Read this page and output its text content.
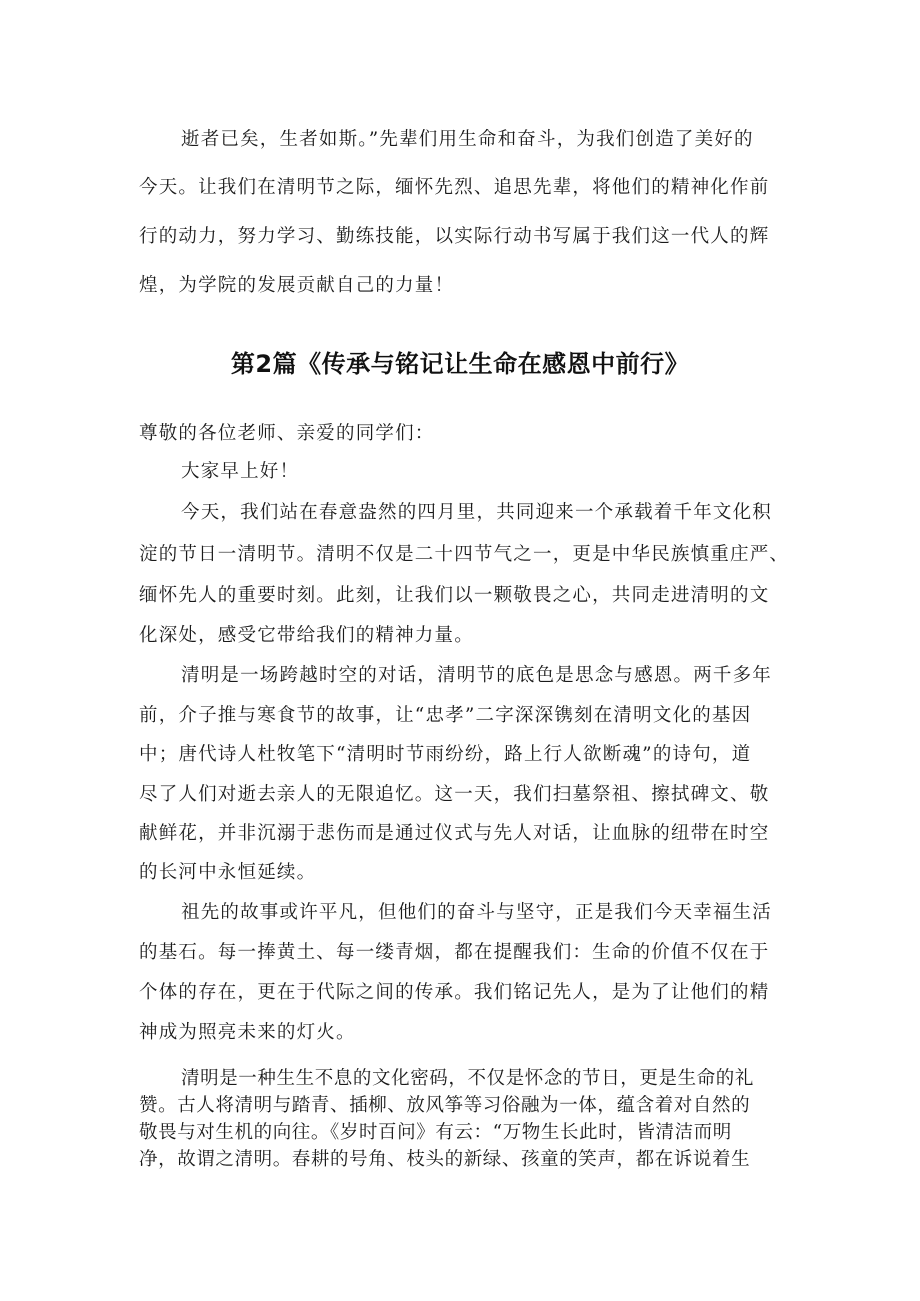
逝者已矣，生者如斯。”先辈们用生命和奋斗，为我们创造了美好的
今天。让我们在清明节之际，缅怀先烈、追思先辈，将他们的精神化作前
行的动力，努力学习、勤练技能，以实际行动书写属于我们这一代人的辉
煌，为学院的发展贡献自己的力量！
第2篇《传承与铭记让生命在感恩中前行》
尊敬的各位老师、亲爱的同学们：
大家早上好！
今天，我们站在春意盎然的四月里，共同迎来一个承载着千年文化积
淀的节日一清明节。清明不仅是二十四节气之一，更是中华民族慎重庄严、
缅怀先人的重要时刻。此刻，让我们以一颗敬畏之心，共同走进清明的文
化深处，感受它带给我们的精神力量。
清明是一场跨越时空的对话，清明节的底色是思念与感恩。两千多年
前，介子推与寒食节的故事，让“忠孝”二字深深镌刻在清明文化的基因
中；唐代诗人杜牧笔下“清明时节雨纷纷，路上行人欲断魂”的诗句，道
尽了人们对逝去亲人的无限追忆。这一天，我们扫墓祭祖、擦拭碑文、敬
献鲜花，并非沉溺于悲伤而是通过仪式与先人对话，让血脉的纽带在时空
的长河中永恒延续。
祖先的故事或许平凡，但他们的奋斗与坚守，正是我们今天幸福生活
的基石。每一捧黄土、每一缕青烟，都在提醒我们：生命的价值不仅在于
个体的存在，更在于代际之间的传承。我们铭记先人，是为了让他们的精
神成为照亮未来的灯火。
清明是一种生生不息的文化密码，不仅是怀念的节日，更是生命的礼
赞。古人将清明与踏青、插柳、放风筝等习俗融为一体，蕴含着对自然的
敬畏与对生机的向往。《岁时百问》有云：“万物生长此时，皆清洁而明
净，故谓之清明。春耕的号角、枝头的新绿、孩童的笑声，都在诉说着生
